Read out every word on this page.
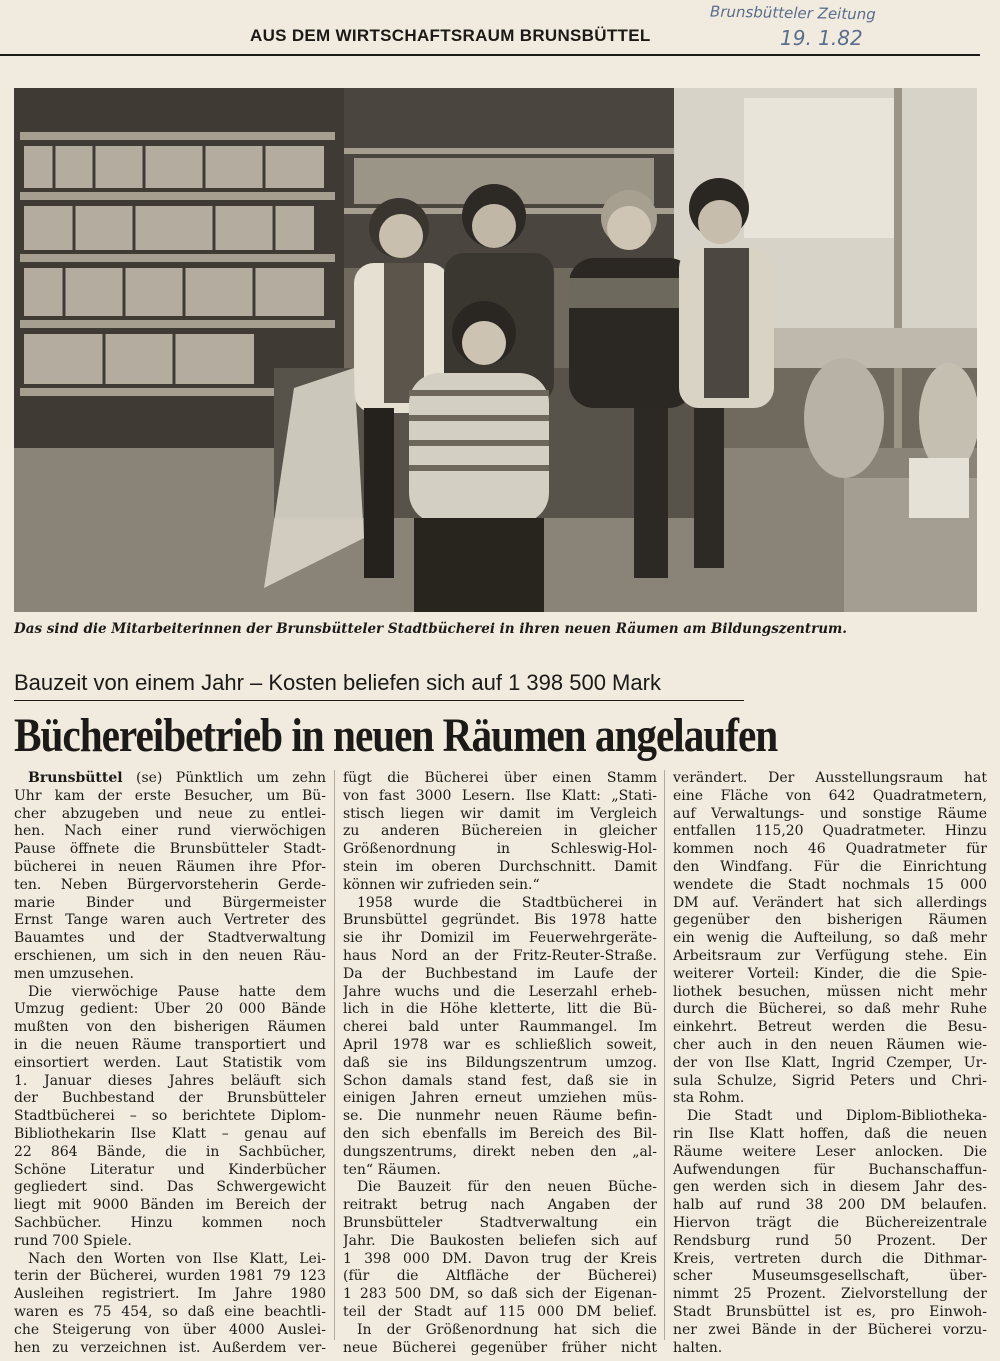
AUS DEM WIRTSCHAFTSRAUM BRUNSBÜTTEL
Brunsbütteler Zeitung
19. 1.82
Das sind die Mitarbeiterinnen der Brunsbütteler Stadtbücherei in ihren neuen Räumen am Bildungszentrum.
Bauzeit von einem Jahr – Kosten beliefen sich auf 1 398 500 Mark
Büchereibetrieb in neuen Räumen angelaufen
Brunsbüttel (se) Pünktlich um zehn
Uhr kam der erste Besucher, um Bü-
cher abzugeben und neue zu entlei-
hen. Nach einer rund vierwöchigen
Pause öffnete die Brunsbütteler Stadt-
bücherei in neuen Räumen ihre Pfor-
ten. Neben Bürgervorsteherin Gerde-
marie Binder und Bürgermeister
Ernst Tange waren auch Vertreter des
Bauamtes und der Stadtverwaltung
erschienen, um sich in den neuen Räu-
men umzusehen.
Die vierwöchige Pause hatte dem
Umzug gedient: Über 20 000 Bände
mußten von den bisherigen Räumen
in die neuen Räume transportiert und
einsortiert werden. Laut Statistik vom
1. Januar dieses Jahres beläuft sich
der Buchbestand der Brunsbütteler
Stadtbücherei – so berichtete Diplom-
Bibliothekarin Ilse Klatt – genau auf
22 864 Bände, die in Sachbücher,
Schöne Literatur und Kinderbücher
gegliedert sind. Das Schwergewicht
liegt mit 9000 Bänden im Bereich der
Sachbücher. Hinzu kommen noch
rund 700 Spiele.
Nach den Worten von Ilse Klatt, Lei-
terin der Bücherei, wurden 1981 79 123
Ausleihen registriert. Im Jahre 1980
waren es 75 454, so daß eine beachtli-
che Steigerung von über 4000 Auslei-
hen zu verzeichnen ist. Außerdem ver-
fügt die Bücherei über einen Stamm
von fast 3000 Lesern. Ilse Klatt: „Stati-
stisch liegen wir damit im Vergleich
zu anderen Büchereien in gleicher
Größenordnung in Schleswig-Hol-
stein im oberen Durchschnitt. Damit
können wir zufrieden sein.“
1958 wurde die Stadtbücherei in
Brunsbüttel gegründet. Bis 1978 hatte
sie ihr Domizil im Feuerwehrgeräte-
haus Nord an der Fritz-Reuter-Straße.
Da der Buchbestand im Laufe der
Jahre wuchs und die Leserzahl erheb-
lich in die Höhe kletterte, litt die Bü-
cherei bald unter Raummangel. Im
April 1978 war es schließlich soweit,
daß sie ins Bildungszentrum umzog.
Schon damals stand fest, daß sie in
einigen Jahren erneut umziehen müs-
se. Die nunmehr neuen Räume befin-
den sich ebenfalls im Bereich des Bil-
dungszentrums, direkt neben den „al-
ten“ Räumen.
Die Bauzeit für den neuen Büche-
reitrakt betrug nach Angaben der
Brunsbütteler Stadtverwaltung ein
Jahr. Die Baukosten beliefen sich auf
1 398 000 DM. Davon trug der Kreis
(für die Altfläche der Bücherei)
1 283 500 DM, so daß sich der Eigenan-
teil der Stadt auf 115 000 DM belief.
In der Größenordnung hat sich die
neue Bücherei gegenüber früher nicht
verändert. Der Ausstellungsraum hat
eine Fläche von 642 Quadratmetern,
auf Verwaltungs- und sonstige Räume
entfallen 115,20 Quadratmeter. Hinzu
kommen noch 46 Quadratmeter für
den Windfang. Für die Einrichtung
wendete die Stadt nochmals 15 000
DM auf. Verändert hat sich allerdings
gegenüber den bisherigen Räumen
ein wenig die Aufteilung, so daß mehr
Arbeitsraum zur Verfügung stehe. Ein
weiterer Vorteil: Kinder, die die Spie-
liothek besuchen, müssen nicht mehr
durch die Bücherei, so daß mehr Ruhe
einkehrt. Betreut werden die Besu-
cher auch in den neuen Räumen wie-
der von Ilse Klatt, Ingrid Czemper, Ur-
sula Schulze, Sigrid Peters und Chri-
sta Rohm.
Die Stadt und Diplom-Bibliotheka-
rin Ilse Klatt hoffen, daß die neuen
Räume weitere Leser anlocken. Die
Aufwendungen für Buchanschaffun-
gen werden sich in diesem Jahr des-
halb auf rund 38 200 DM belaufen.
Hiervon trägt die Büchereizentrale
Rendsburg rund 50 Prozent. Der
Kreis, vertreten durch die Dithmar-
scher Museumsgesellschaft, über-
nimmt 25 Prozent. Zielvorstellung der
Stadt Brunsbüttel ist es, pro Einwoh-
ner zwei Bände in der Bücherei vorzu-
halten.
